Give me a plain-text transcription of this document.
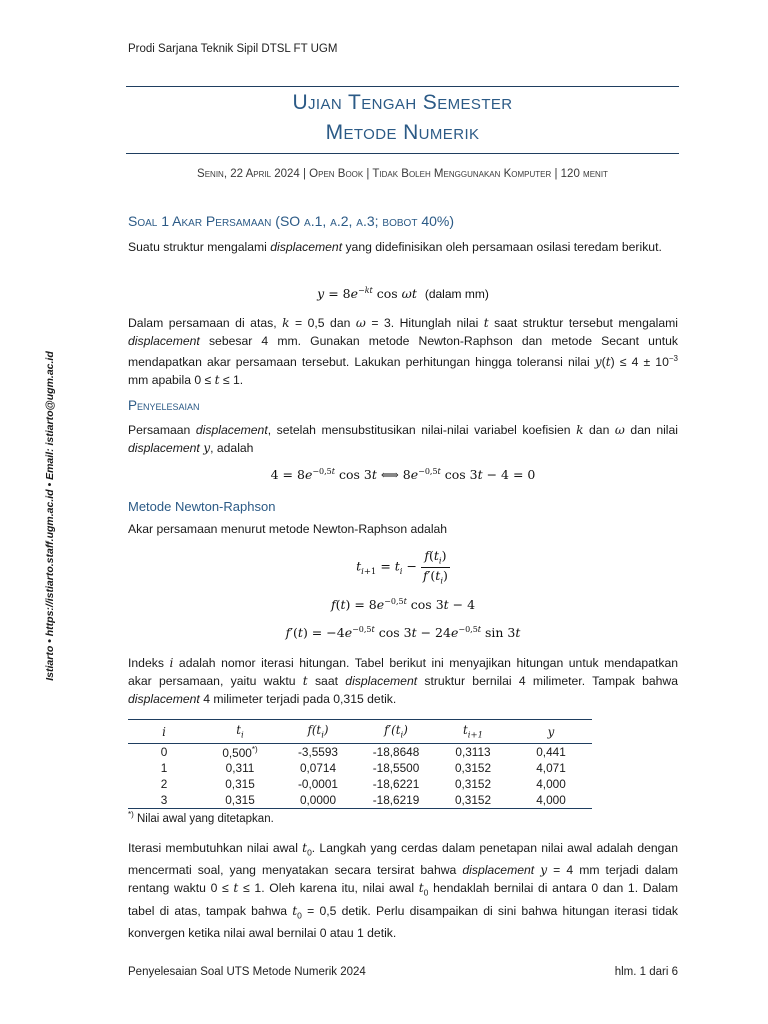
Prodi Sarjana Teknik Sipil DTSL FT UGM
Ujian Tengah Semester
Metode Numerik
Senin, 22 April 2024 | Open Book | Tidak Boleh Menggunakan Komputer | 120 menit
Istiarto • https://istiarto.staff.ugm.ac.id • Email: istiarto@ugm.ac.id
Soal 1 Akar Persamaan (SO a.1, a.2, a.3; bobot 40%)
Suatu struktur mengalami displacement yang didefinisikan oleh persamaan osilasi teredam berikut.
$y = 8e^{-kt}$ cos ωt (dalam mm)
Dalam persamaan di atas, k = 0,5 dan ω = 3. Hitunglah nilai t saat struktur tersebut mengalami displacement sebesar 4 mm. Gunakan metode Newton-Raphson dan metode Secant untuk mendapatkan akar persamaan tersebut. Lakukan perhitungan hingga toleransi nilai $y(t) \le 4 \pm 10^{-3}$ mm apabila 0 ≤ t ≤ 1.
Penyelesaian
Persamaan displacement, setelah mensubstitusikan nilai-nilai variabel koefisien k dan ω dan nilai displacement y, adalah
$4 = 8e^{-0,5t}$ cos 3t ⟺ $8e^{-0,5t}$ cos 3t − 4 = 0
Metode Newton-Raphson
Akar persamaan menurut metode Newton-Raphson adalah
$t_{i+1} = t_i - \frac{f(t_i)}{f'(t_i)}$
$f(t) = 8e^{-0,5t}$ cos 3t − 4
$f'(t) = -4e^{-0,5t}$ $\cos 3t - 24e^{-0,5t}$ sin 3t
Indeks i adalah nomor iterasi hitungan. Tabel berikut ini menyajikan hitungan untuk mendapatkan akar persamaan, yaitu waktu t saat displacement struktur bernilai 4 milimeter. Tampak bahwa displacement 4 milimeter terjadi pada 0,315 detik.
i	$t_i$	$f(t_i)$	$f'(t_i)$	$t_{i+1}$	y
0	0,500*)	-3,5593	-18,8648	0,3113	0,441
1	0,311	0,0714	-18,5500	0,3152	4,071
2	0,315	-0,0001	-18,6221	0,3152	4,000
3	0,315	0,0000	-18,6219	0,3152	4,000
*) Nilai awal yang ditetapkan.
Iterasi membutuhkan nilai awal $t_0$. Langkah yang cerdas dalam penetapan nilai awal adalah dengan mencermati soal, yang menyatakan secara tersirat bahwa displacement y = 4 mm terjadi dalam rentang waktu 0 ≤ t ≤ 1. Oleh karena itu, nilai awal $t_0$ hendaklah bernilai di antara 0 dan 1. Dalam tabel di atas, tampak bahwa $t_0 = 0,5$ detik. Perlu disampaikan di sini bahwa hitungan iterasi tidak konvergen ketika nilai awal bernilai 0 atau 1 detik.
Penyelesaian Soal UTS Metode Numerik 2024	hlm. 1 dari 6
